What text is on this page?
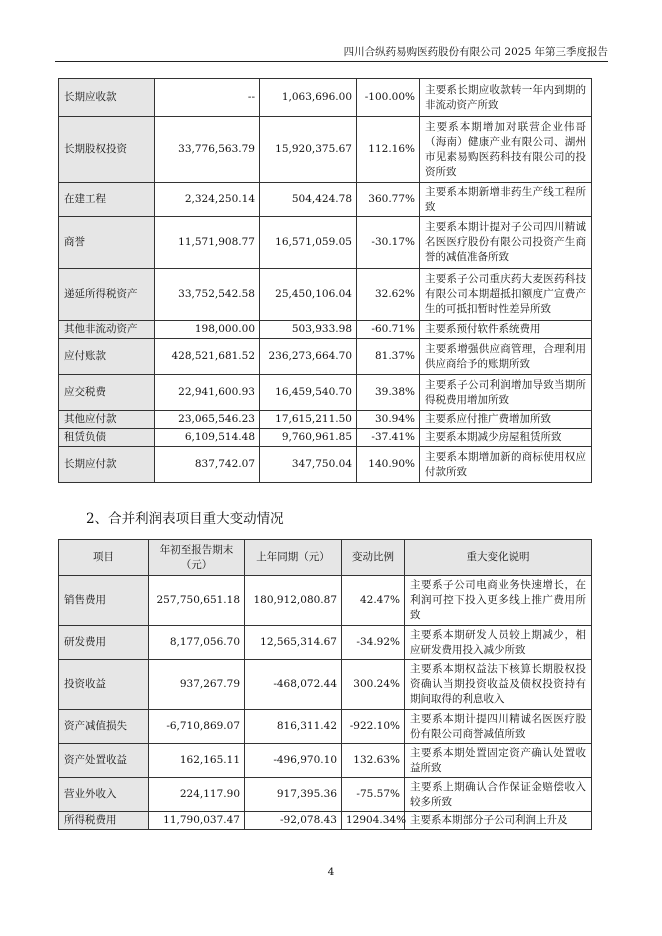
四川合纵药易购医药股份有限公司 2025 年第三季度报告
长期应收款	--	1,063,696.00	-100.00%	主要系长期应收款转一年内到期的非流动资产所致
长期股权投资	33,776,563.79	15,920,375.67	112.16%	主要系本期增加对联营企业伟哥（海南）健康产业有限公司、湖州市见素易购医药科技有限公司的投资所致
在建工程	2,324,250.14	504,424.78	360.77%	主要系本期新增非药生产线工程所致
商誉	11,571,908.77	16,571,059.05	-30.17%	主要系本期计提对子公司四川精诚名医医疗股份有限公司投资产生商誉的减值准备所致
递延所得税资产	33,752,542.58	25,450,106.04	32.62%	主要系子公司重庆药大麦医药科技有限公司本期超抵扣额度广宣费产生的可抵扣暂时性差异所致
其他非流动资产	198,000.00	503,933.98	-60.71%	主要系预付软件系统费用
应付账款	428,521,681.52	236,273,664.70	81.37%	主要系增强供应商管理，合理利用供应商给予的账期所致
应交税费	22,941,600.93	16,459,540.70	39.38%	主要系子公司利润增加导致当期所得税费用增加所致
其他应付款	23,065,546.23	17,615,211.50	30.94%	主要系应付推广费增加所致
租赁负债	6,109,514.48	9,760,961.85	-37.41%	主要系本期减少房屋租赁所致
长期应付款	837,742.07	347,750.04	140.90%	主要系本期增加新的商标使用权应付款所致
2、合并利润表项目重大变动情况
项目	年初至报告期末（元）	上年同期（元）	变动比例	重大变化说明
销售费用	257,750,651.18	180,912,080.87	42.47%	主要系子公司电商业务快速增长，在利润可控下投入更多线上推广费用所致
研发费用	8,177,056.70	12,565,314.67	-34.92%	主要系本期研发人员较上期减少，相应研发费用投入减少所致
投资收益	937,267.79	-468,072.44	300.24%	主要系本期权益法下核算长期股权投资确认当期投资收益及债权投资持有期间取得的利息收入
资产减值损失	-6,710,869.07	816,311.42	-922.10%	主要系本期计提四川精诚名医医疗股份有限公司商誉减值所致
资产处置收益	162,165.11	-496,970.10	132.63%	主要系本期处置固定资产确认处置收益所致
营业外收入	224,117.90	917,395.36	-75.57%	主要系上期确认合作保证金赔偿收入较多所致
所得税费用	11,790,037.47	-92,078.43	12904.34%	主要系本期部分子公司利润上升及
4
